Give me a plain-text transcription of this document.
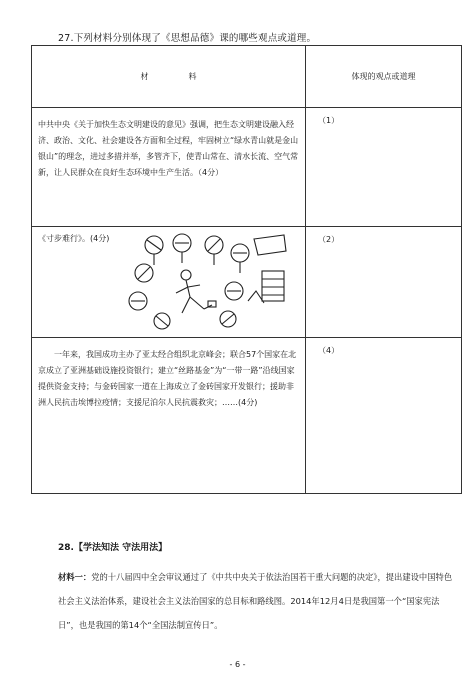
27.下列材料分别体现了《思想品德》课的哪些观点或道理。
材　　　　　料	体现的观点或道理
中共中央《关于加快生态文明建设的意见》强调，把生态文明建设融入经济、政治、文化、社会建设各方面和全过程，牢固树立“绿水青山就是金山银山”的理念，进过多措并举，多管齐下，使青山常在、清水长流、空气常新，让人民群众在良好生态环境中生产生活。（4分）	（1）

《寸步难行》。(4分)	（2）
一年来，我国成功主办了亚太经合组织北京峰会；联合57个国家在北京成立了亚洲基础设施投资银行；建立“丝路基金”为“一带一路”沿线国家提供资金支持；与金砖国家一道在上海成立了金砖国家开发银行；援助非洲人民抗击埃博拉疫情；支援尼泊尔人民抗震救灾；……(4分)	（4）
28.【学法知法 守法用法】
材料一：党的十八届四中全会审议通过了《中共中央关于依法治国若干重大问题的决定》，提出建设中国特色社会主义法治体系，建设社会主义法治国家的总目标和路线图。2014年12月4日是我国第一个“国家宪法日”，也是我国的第14个“全国法制宣传日”。
- 6 -
